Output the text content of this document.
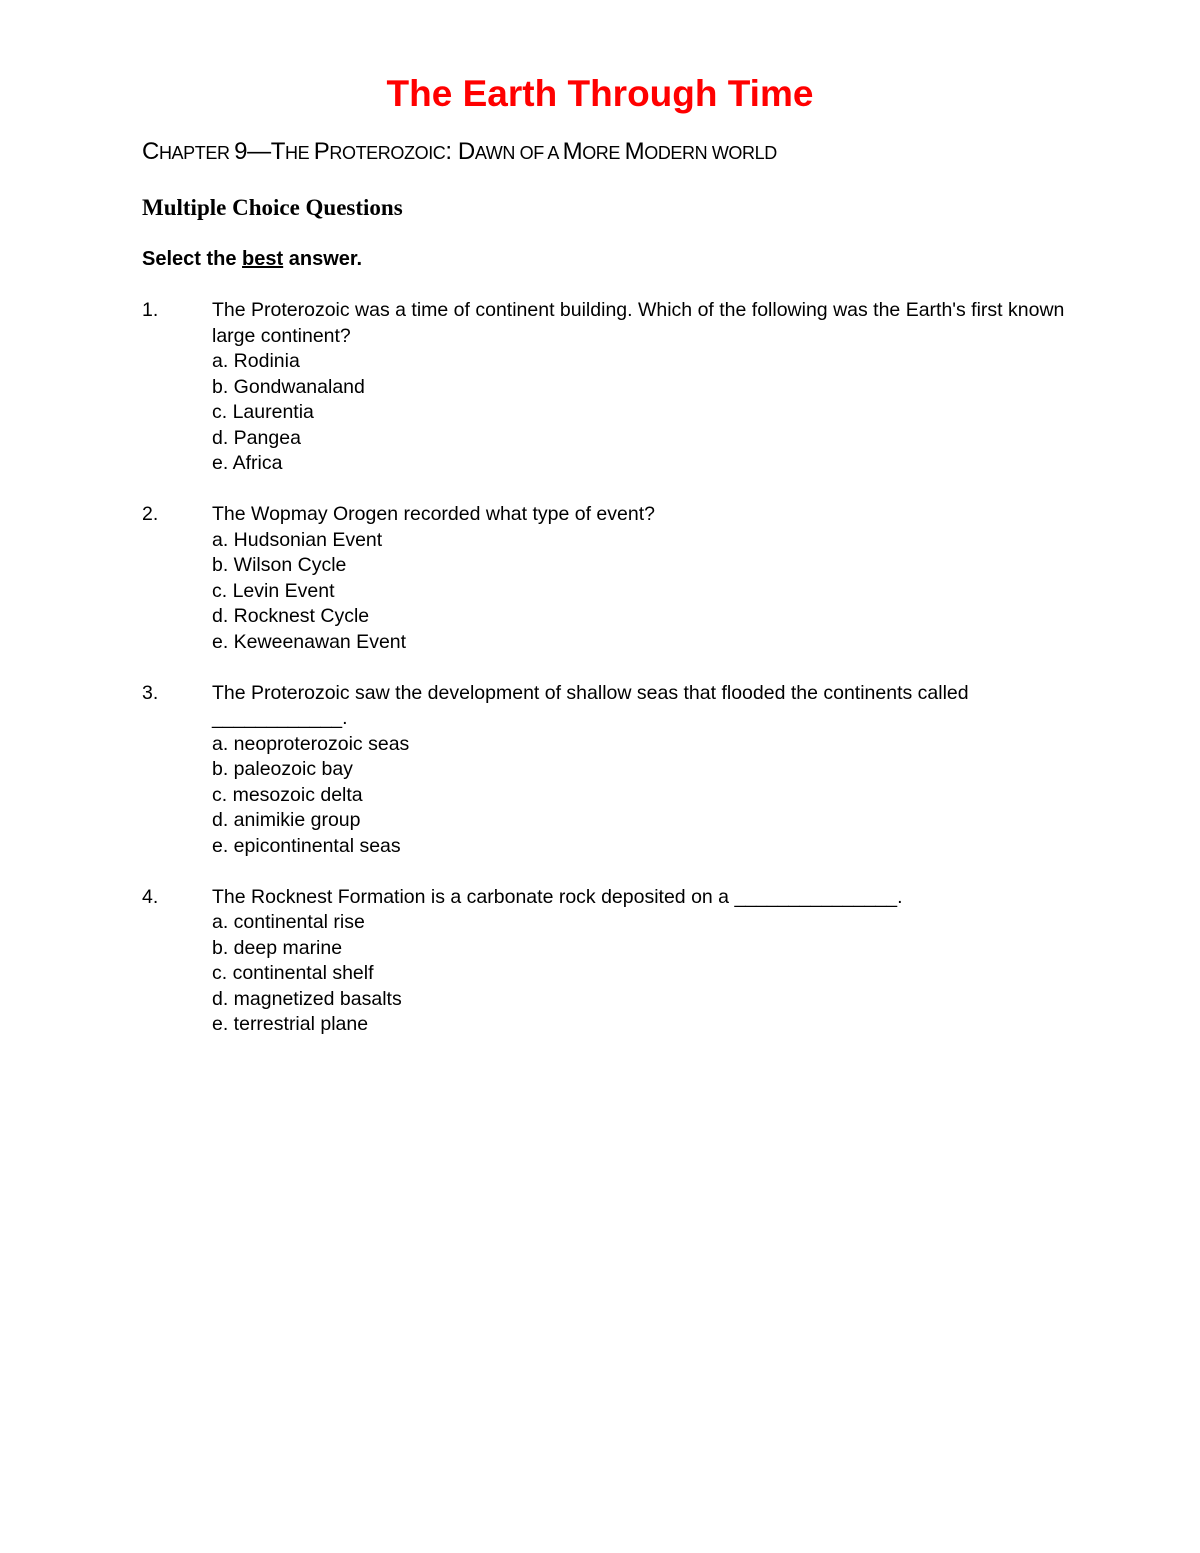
The Earth Through Time
CHAPTER 9—THE PROTEROZOIC: DAWN OF A MORE MODERN WORLD
Multiple Choice Questions
Select the best answer.
1.	The Proterozoic was a time of continent building. Which of the following was the Earth's first known large continent?
a. Rodinia
b. Gondwanaland
c. Laurentia
d. Pangea
e. Africa
2.	The Wopmay Orogen recorded what type of event?
a. Hudsonian Event
b. Wilson Cycle
c. Levin Event
d. Rocknest Cycle
e. Keweenawan Event
3.	The Proterozoic saw the development of shallow seas that flooded the continents called
____________.
a. neoproterozoic seas
b. paleozoic bay
c. mesozoic delta
d. animikie group
e. epicontinental seas
4.	The Rocknest Formation is a carbonate rock deposited on a _______________.
a. continental rise
b. deep marine
c. continental shelf
d. magnetized basalts
e. terrestrial plane
